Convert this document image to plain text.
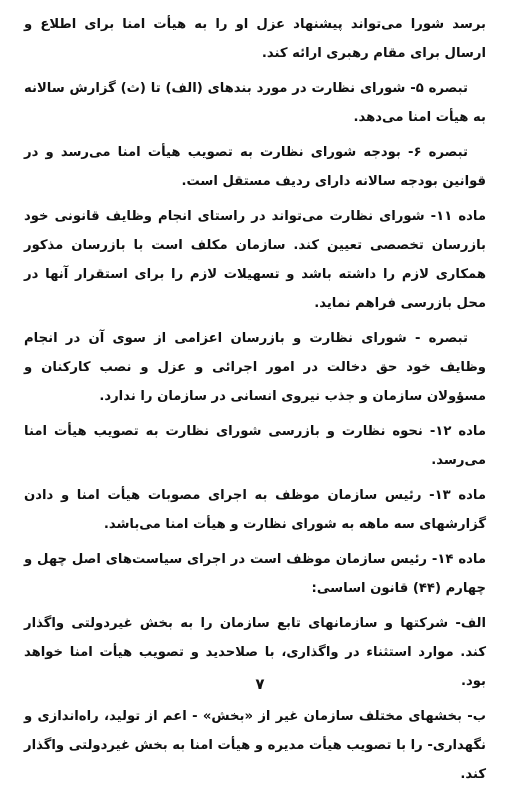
برسد شورا می‌تواند پیشنهاد عزل او را به هیأت امنا برای اطلاع و ارسال برای مقام رهبری ارائه کند.

تبصره ۵- شورای نظارت در مورد بندهای (الف) تا (ث) گزارش سالانه به هیأت امنا می‌دهد.

تبصره ۶- بودجه شورای نظارت به تصویب هیأت امنا می‌رسد و در قوانین بودجه سالانه دارای ردیف مستقل است.

ماده ۱۱- شورای نظارت می‌تواند در راستای انجام وظایف قانونی خود بازرسان تخصصی تعیین کند. سازمان مکلف است با بازرسان مذکور همکاری لازم را داشته باشد و تسهیلات لازم را برای استقرار آنها در محل بازرسی فراهم نماید.

تبصره - شورای نظارت و بازرسان اعزامی از سوی آن در انجام وظایف خود حق دخالت در امور اجرائی و عزل و نصب کارکنان و مسؤولان سازمان و جذب نیروی انسانی در سازمان را ندارد.

ماده ۱۲- نحوه نظارت و بازرسی شورای نظارت به تصویب هیأت امنا می‌رسد.

ماده ۱۳- رئیس سازمان موظف به اجرای مصوبات هیأت امنا و دادن گزارشهای سه ماهه به شورای نظارت و هیأت امنا می‌باشد.

ماده ۱۴- رئیس سازمان موظف است در اجرای سیاست‌های اصل چهل و چهارم (۴۴) قانون اساسی:

الف- شرکتها و سازمانهای تابع سازمان را به بخش غیردولتی واگذار کند. موارد استثناء در واگذاری، با صلاحدید و تصویب هیأت امنا خواهد بود.

ب- بخشهای مختلف سازمان غیر از «بخش» - اعم از تولید، راه‌اندازی و نگهداری- را با تصویب هیأت مدیره و هیأت امنا به بخش غیردولتی واگذار کند.

۷
